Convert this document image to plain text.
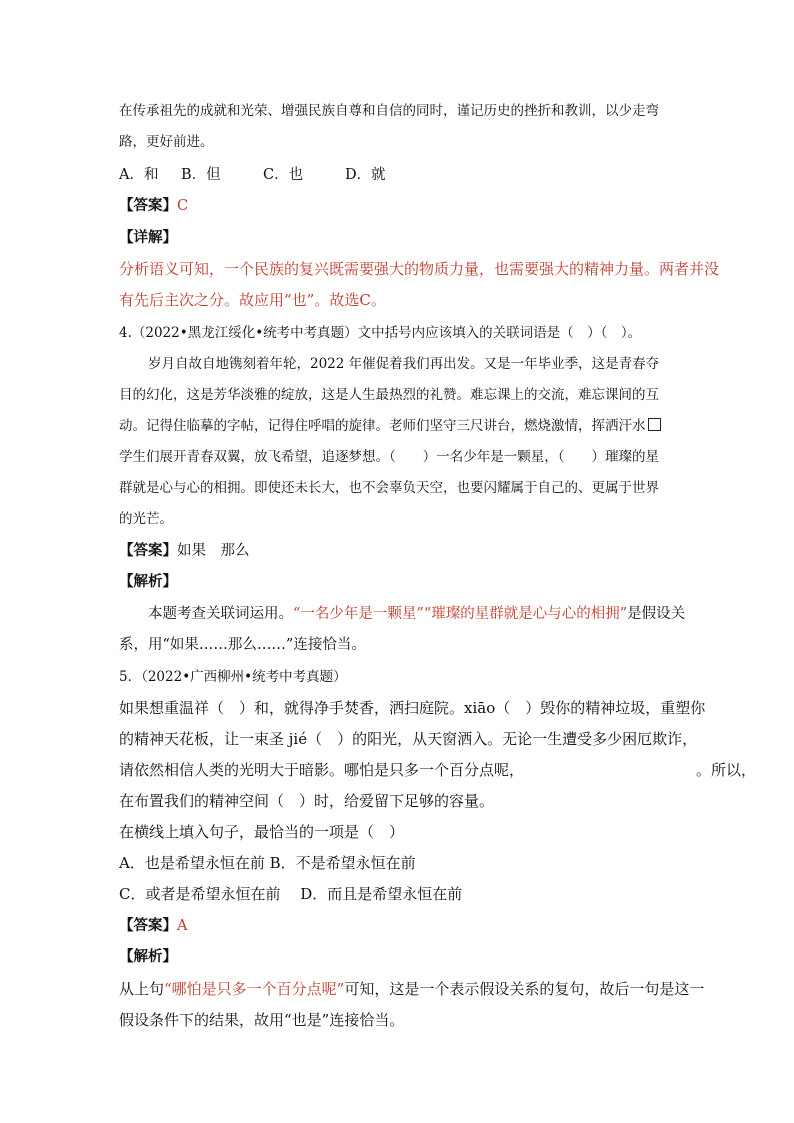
在传承祖先的成就和光荣、增强民族自尊和自信的同时，谨记历史的挫折和教训，以少走弯
路，更好前进。
A．和 B．但	C．也	D．就
【答案】C
【详解】
分析语义可知，一个民族的复兴既需要强大的物质力量，也需要强大的精神力量。两者并没
有先后主次之分。故应用“也”。故选C。
4.（2022•黑龙江绥化•统考中考真题）文中括号内应该填入的关联词语是（　）（　）。
岁月自故自地镌刻着年轮，2022 年催促着我们再出发。又是一年毕业季，这是青春夺
目的幻化，这是芳华淡雅的绽放，这是人生最热烈的礼赞。难忘课上的交流，难忘课间的互
动。记得住临摹的字帖，记得住呼唱的旋律。老师们坚守三尺讲台，燃烧激情，挥洒汗水
学生们展开青春双翼，放飞希望，追逐梦想。（　　）一名少年是一颗星，（　　）璀璨的星
群就是心与心的相拥。即使还未长大，也不会辜负天空，也要闪耀属于自己的、更属于世界
的光芒。
【答案】如果　那么
【解析】
本题考查关联词运用。“一名少年是一颗星”“璀璨的星群就是心与心的相拥”是假设关
系，用“如果……那么……”连接恰当。
5．（2022•广西柳州•统考中考真题）
如果想重温祥（　）和，就得净手焚香，洒扫庭院。xiāo（　）毁你的精神垃圾，重塑你
的精神天花板，让一束圣 jié（　）的阳光，从天窗洒入。无论一生遭受多少困厄欺诈，
请依然相信人类的光明大于暗影。哪怕是只多一个百分点呢，	。所以，
在布置我们的精神空间（　）时，给爱留下足够的容量。
在横线上填入句子，最恰当的一项是（　）
A．也是希望永恒在前 B．不是希望永恒在前
C．或者是希望永恒在前　 D．而且是希望永恒在前
【答案】A
【解析】
从上句“哪怕是只多一个百分点呢”可知，这是一个表示假设关系的复句，故后一句是这一
假设条件下的结果，故用“也是”连接恰当。
